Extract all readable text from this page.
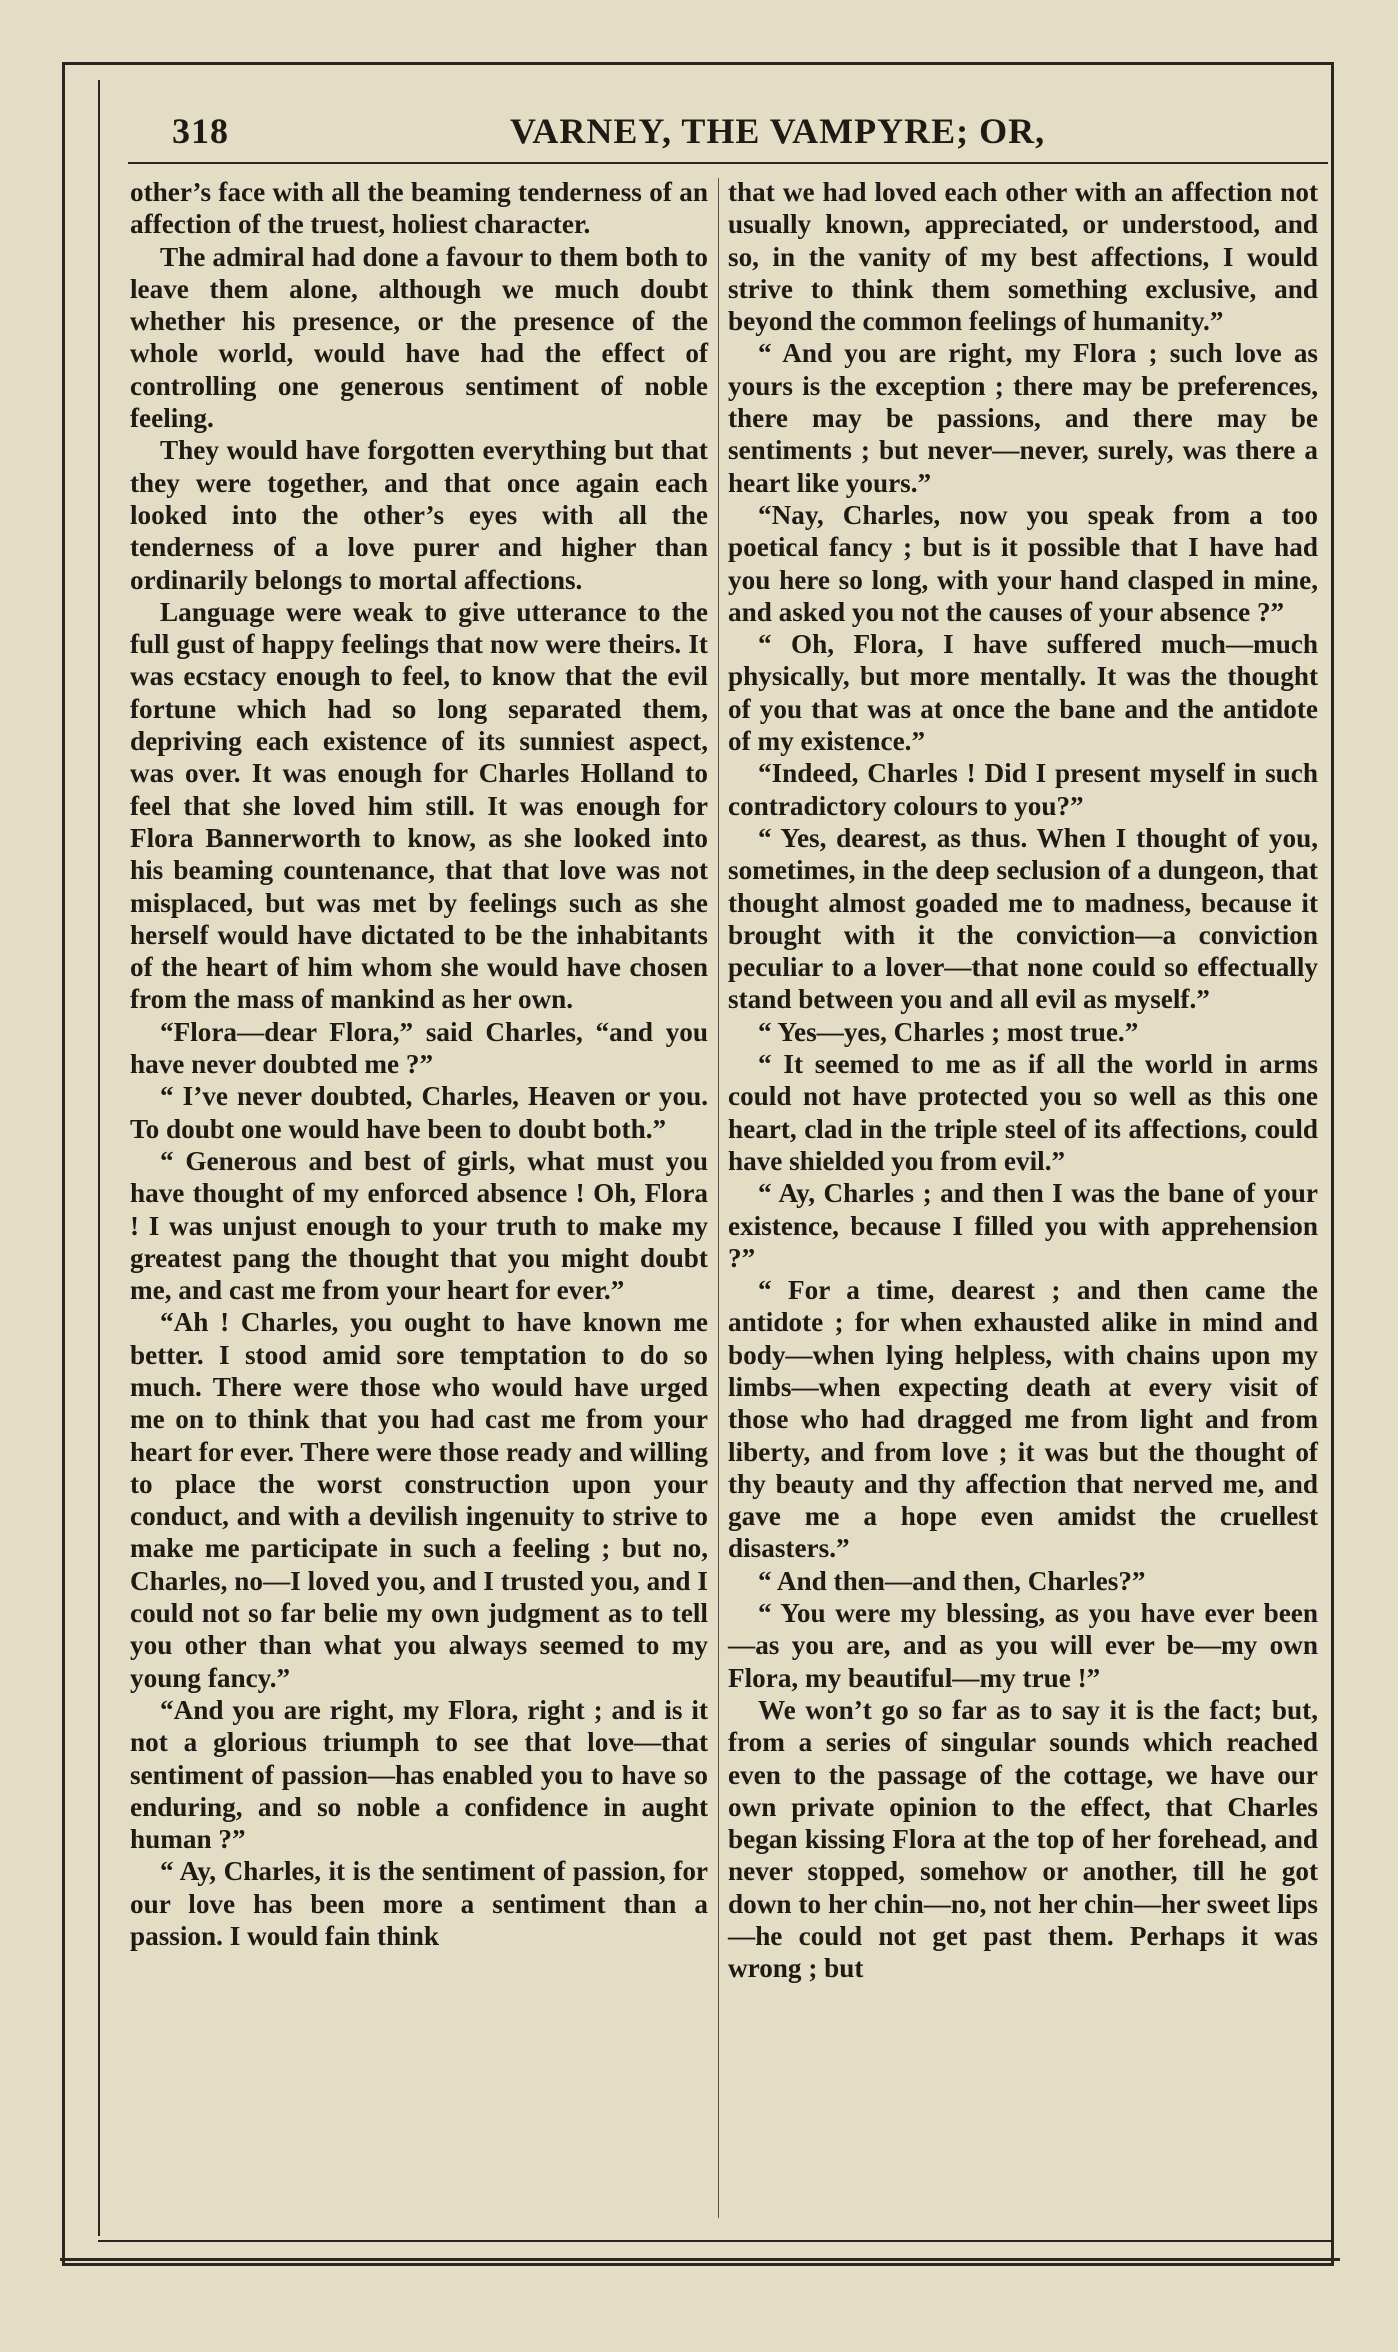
318	VARNEY, THE VAMPYRE; OR,

other’s face with all the beaming tenderness of an affection of the truest, holiest character.

The admiral had done a favour to them both to leave them alone, although we much doubt whether his presence, or the presence of the whole world, would have had the effect of controlling one generous sentiment of noble feeling.

They would have forgotten everything but that they were together, and that once again each looked into the other’s eyes with all the tenderness of a love purer and higher than ordinarily belongs to mortal affections.

Language were weak to give utterance to the full gust of happy feelings that now were theirs. It was ecstacy enough to feel, to know that the evil fortune which had so long separated them, depriving each existence of its sunniest aspect, was over. It was enough for Charles Holland to feel that she loved him still. It was enough for Flora Bannerworth to know, as she looked into his beaming countenance, that that love was not misplaced, but was met by feelings such as she herself would have dictated to be the inhabitants of the heart of him whom she would have chosen from the mass of mankind as her own.

“Flora—dear Flora,” said Charles, “and you have never doubted me ?”

“ I’ve never doubted, Charles, Heaven or you. To doubt one would have been to doubt both.”

“ Generous and best of girls, what must you have thought of my enforced absence ! Oh, Flora ! I was unjust enough to your truth to make my greatest pang the thought that you might doubt me, and cast me from your heart for ever.”

“Ah ! Charles, you ought to have known me better. I stood amid sore temptation to do so much. There were those who would have urged me on to think that you had cast me from your heart for ever. There were those ready and willing to place the worst construction upon your conduct, and with a devilish ingenuity to strive to make me participate in such a feeling ; but no, Charles, no—I loved you, and I trusted you, and I could not so far belie my own judgment as to tell you other than what you always seemed to my young fancy.”

“And you are right, my Flora, right ; and is it not a glorious triumph to see that love—that sentiment of passion—has enabled you to have so enduring, and so noble a confidence in aught human ?”

“ Ay, Charles, it is the sentiment of passion, for our love has been more a sentiment than a passion. I would fain think

that we had loved each other with an affection not usually known, appreciated, or understood, and so, in the vanity of my best affections, I would strive to think them something exclusive, and beyond the common feelings of humanity.”

“ And you are right, my Flora ; such love as yours is the exception ; there may be preferences, there may be passions, and there may be sentiments ; but never—never, surely, was there a heart like yours.”

“Nay, Charles, now you speak from a too poetical fancy ; but is it possible that I have had you here so long, with your hand clasped in mine, and asked you not the causes of your absence ?”

“ Oh, Flora, I have suffered much—much physically, but more mentally. It was the thought of you that was at once the bane and the antidote of my existence.”

“Indeed, Charles ! Did I present myself in such contradictory colours to you?”

“ Yes, dearest, as thus. When I thought of you, sometimes, in the deep seclusion of a dungeon, that thought almost goaded me to madness, because it brought with it the conviction—a conviction peculiar to a lover—that none could so effectually stand between you and all evil as myself.”

“ Yes—yes, Charles ; most true.”

“ It seemed to me as if all the world in arms could not have protected you so well as this one heart, clad in the triple steel of its affections, could have shielded you from evil.”

“ Ay, Charles ; and then I was the bane of your existence, because I filled you with apprehension ?”

“ For a time, dearest ; and then came the antidote ; for when exhausted alike in mind and body—when lying helpless, with chains upon my limbs—when expecting death at every visit of those who had dragged me from light and from liberty, and from love ; it was but the thought of thy beauty and thy affection that nerved me, and gave me a hope even amidst the cruellest disasters.”

“ And then—and then, Charles?”

“ You were my blessing, as you have ever been—as you are, and as you will ever be—my own Flora, my beautiful—my true !”

We won’t go so far as to say it is the fact; but, from a series of singular sounds which reached even to the passage of the cottage, we have our own private opinion to the effect, that Charles began kissing Flora at the top of her forehead, and never stopped, somehow or another, till he got down to her chin—no, not her chin—her sweet lips—he could not get past them. Perhaps it was wrong ; but
